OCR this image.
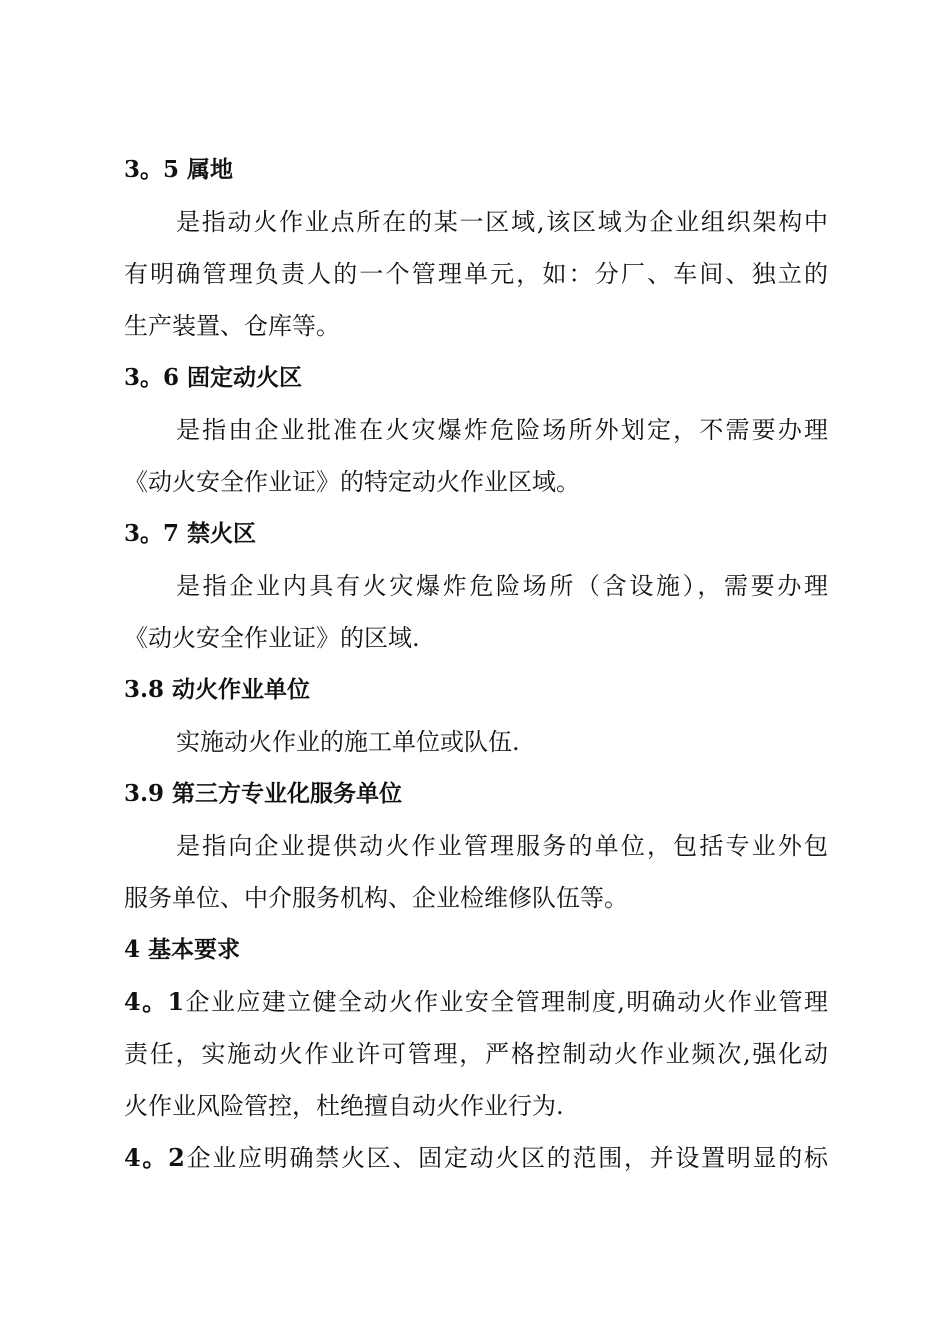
3。5 属地
是指动火作业点所在的某一区域,该区域为企业组织架构中
有明确管理负责人的一个管理单元，如：分厂、车间、独立的
生产装置、仓库等。
3。6 固定动火区
是指由企业批准在火灾爆炸危险场所外划定，不需要办理
《动火安全作业证》的特定动火作业区域。
3。7 禁火区
是指企业内具有火灾爆炸危险场所（含设施），需要办理
《动火安全作业证》的区域.
3.8 动火作业单位
实施动火作业的施工单位或队伍.
3.9 第三方专业化服务单位
是指向企业提供动火作业管理服务的单位，包括专业外包
服务单位、中介服务机构、企业检维修队伍等。
4 基本要求
4。1企业应建立健全动火作业安全管理制度,明确动火作业管理
责任，实施动火作业许可管理，严格控制动火作业频次,强化动
火作业风险管控，杜绝擅自动火作业行为.
4。2企业应明确禁火区、固定动火区的范围，并设置明显的标
